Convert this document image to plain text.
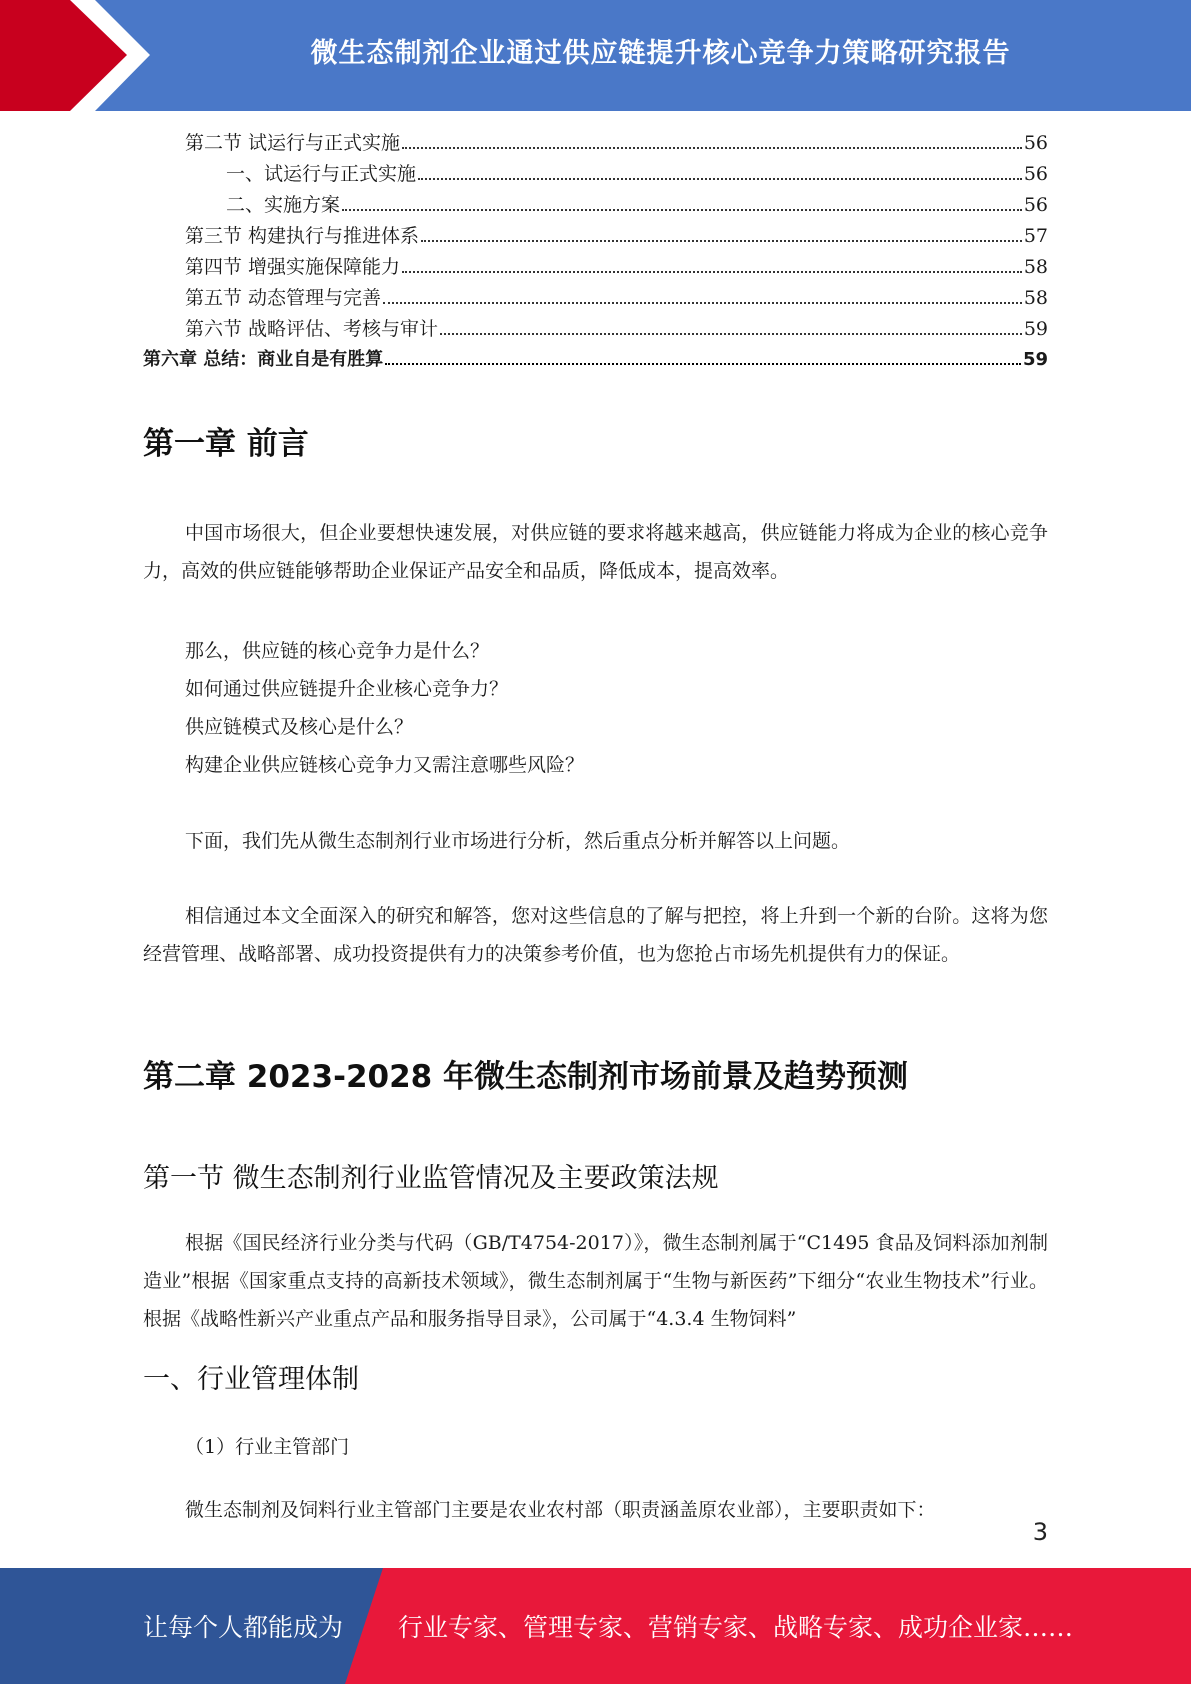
微生态制剂企业通过供应链提升核心竞争力策略研究报告
第二节 试运行与正式实施	56
一、试运行与正式实施	56
二、实施方案	56
第三节 构建执行与推进体系	57
第四节 增强实施保障能力	58
第五节 动态管理与完善	58
第六节 战略评估、考核与审计	59
第六章 总结：商业自是有胜算	59
第一章 前言

中国市场很大，但企业要想快速发展，对供应链的要求将越来越高，供应链能力将成为企业的核心竞争力，高效的供应链能够帮助企业保证产品安全和品质，降低成本，提高效率。

那么，供应链的核心竞争力是什么？

如何通过供应链提升企业核心竞争力？

供应链模式及核心是什么？

构建企业供应链核心竞争力又需注意哪些风险？

下面，我们先从微生态制剂行业市场进行分析，然后重点分析并解答以上问题。

相信通过本文全面深入的研究和解答，您对这些信息的了解与把控，将上升到一个新的台阶。这将为您经营管理、战略部署、成功投资提供有力的决策参考价值，也为您抢占市场先机提供有力的保证。

第二章 2023-2028 年微生态制剂市场前景及趋势预测
第一节 微生态制剂行业监管情况及主要政策法规

根据《国民经济行业分类与代码（GB/T4754-2017）》，微生态制剂属于“C1495 食品及饲料添加剂制造业”根据《国家重点支持的高新技术领域》，微生态制剂属于“生物与新医药”下细分“农业生物技术”行业。根据《战略性新兴产业重点产品和服务指导目录》，公司属于“4.3.4 生物饲料”

一、行业管理体制

（1）行业主管部门

微生态制剂及饲料行业主管部门主要是农业农村部（职责涵盖原农业部），主要职责如下：

3
让每个人都能成为 行业专家、管理专家、营销专家、战略专家、成功企业家……
